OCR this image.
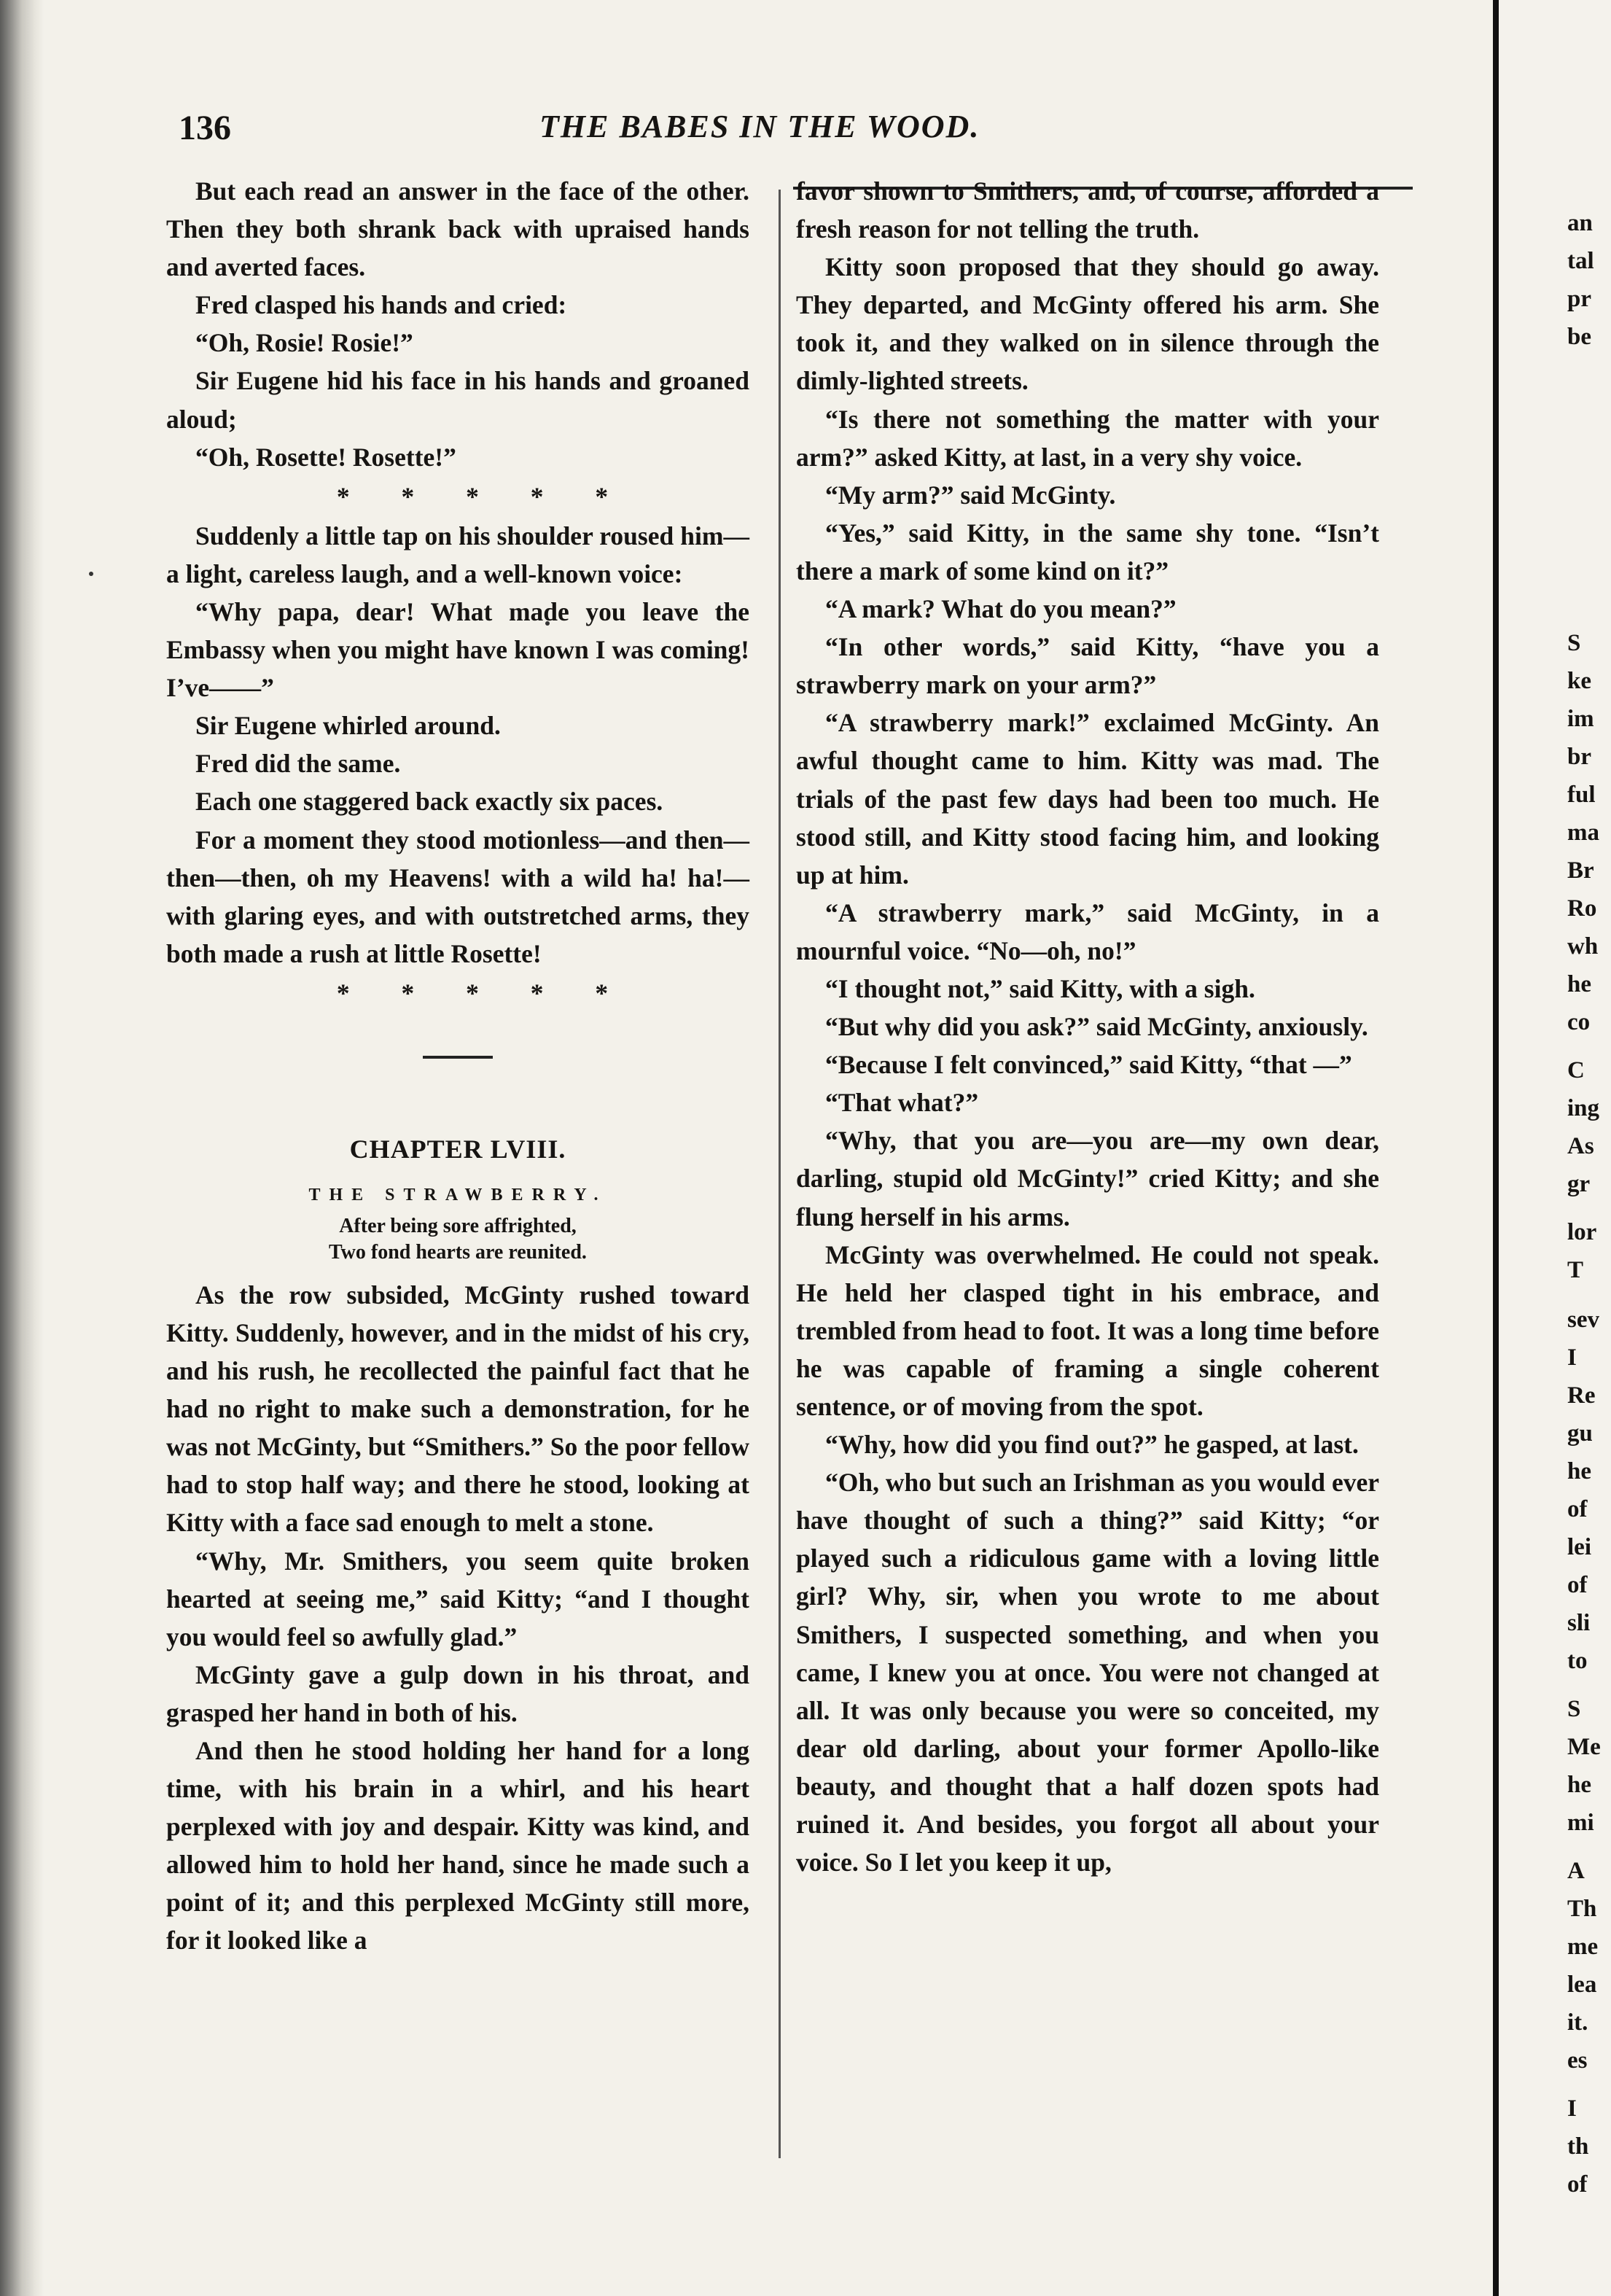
an
tal
pr
be
S
ke
im
br
ful
ma
Br
Ro
wh
he
co
C
ing
As
gr
lor
T
sev
I
Re
gu
he
of
lei
of
sli
to
S
Me
he
mi
A
Th
me
lea
it.
es
I
th
of
136	THE BABES IN THE WOOD.

But each read an answer in the face of the other. Then they both shrank back with upraised hands and averted faces.

Fred clasped his hands and cried:

“Oh, Rosie! Rosie!”

Sir Eugene hid his face in his hands and groaned aloud;

“Oh, Rosette! Rosette!”

* * * * *

Suddenly a little tap on his shoulder roused him—a light, careless laugh, and a well-known voice:

“Why papa, dear! What made you leave the Embassy when you might have known I was coming! I’ve——”

Sir Eugene whirled around.

Fred did the same.

Each one staggered back exactly six paces.

For a moment they stood motionless—and then—then—then, oh my Heavens! with a wild ha! ha!—with glaring eyes, and with outstretched arms, they both made a rush at little Rosette!

* * * * *

CHAPTER LVIII.
THE STRAWBERRY.
After being sore affrighted,
Two fond hearts are reunited.

As the row subsided, McGinty rushed toward Kitty. Suddenly, however, and in the midst of his cry, and his rush, he recollected the painful fact that he had no right to make such a demonstration, for he was not McGinty, but “Smithers.” So the poor fellow had to stop half way; and there he stood, looking at Kitty with a face sad enough to melt a stone.

“Why, Mr. Smithers, you seem quite broken hearted at seeing me,” said Kitty; “and I thought you would feel so awfully glad.”

McGinty gave a gulp down in his throat, and grasped her hand in both of his.

And then he stood holding her hand for a long time, with his brain in a whirl, and his heart perplexed with joy and despair. Kitty was kind, and allowed him to hold her hand, since he made such a point of it; and this perplexed McGinty still more, for it looked like a

favor shown to Smithers, and, of course, afforded a fresh reason for not telling the truth.

Kitty soon proposed that they should go away. They departed, and McGinty offered his arm. She took it, and they walked on in silence through the dimly-lighted streets.

“Is there not something the matter with your arm?” asked Kitty, at last, in a very shy voice.

“My arm?” said McGinty.

“Yes,” said Kitty, in the same shy tone. “Isn’t there a mark of some kind on it?”

“A mark? What do you mean?”

“In other words,” said Kitty, “have you a strawberry mark on your arm?”

“A strawberry mark!” exclaimed McGinty. An awful thought came to him. Kitty was mad. The trials of the past few days had been too much. He stood still, and Kitty stood facing him, and looking up at him.

“A strawberry mark,” said McGinty, in a mournful voice. “No—oh, no!”

“I thought not,” said Kitty, with a sigh.

“But why did you ask?” said McGinty, anxiously.

“Because I felt convinced,” said Kitty, “that —”

“That what?”

“Why, that you are—you are—my own dear, darling, stupid old McGinty!” cried Kitty; and she flung herself in his arms.

McGinty was overwhelmed. He could not speak. He held her clasped tight in his embrace, and trembled from head to foot. It was a long time before he was capable of framing a single coherent sentence, or of moving from the spot.

“Why, how did you find out?” he gasped, at last.

“Oh, who but such an Irishman as you would ever have thought of such a thing?” said Kitty; “or played such a ridiculous game with a loving little girl? Why, sir, when you wrote to me about Smithers, I suspected something, and when you came, I knew you at once. You were not changed at all. It was only because you were so conceited, my dear old darling, about your former Apollo-like beauty, and thought that a half dozen spots had ruined it. And besides, you forgot all about your voice. So I let you keep it up,
